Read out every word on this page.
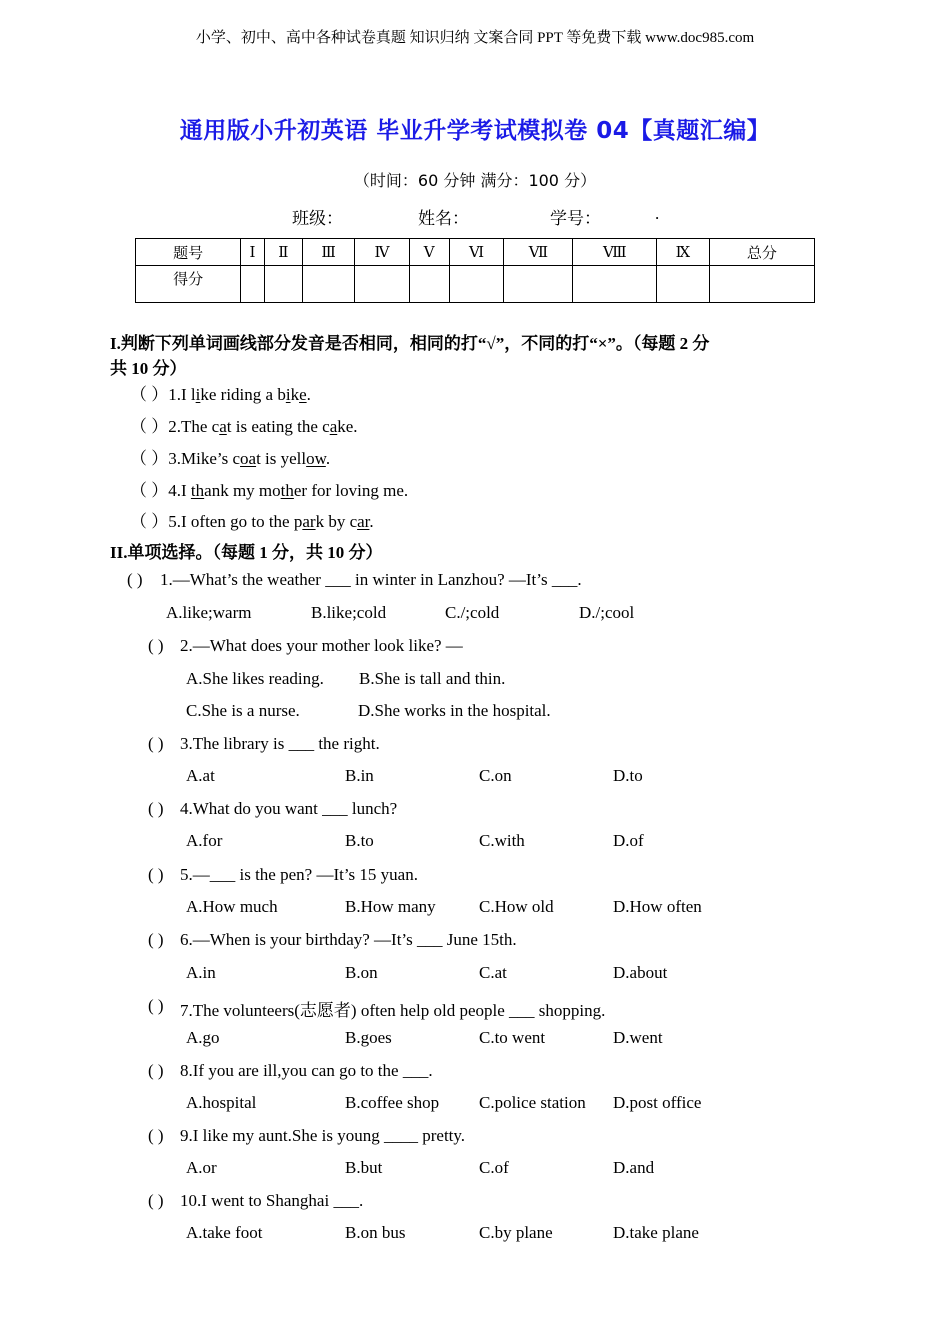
小学、初中、高中各种试卷真题 知识归纳 文案合同 PPT 等免费下载 www.doc985.com
通用版小升初英语 毕业升学考试模拟卷 04【真题汇编】
（时间：60 分钟 满分：100 分）
班级：	姓名：	学号：	.
题号	Ⅰ	Ⅱ	Ⅲ	Ⅳ	Ⅴ	Ⅵ	Ⅶ	Ⅷ	Ⅸ	总分
得分										
I.判断下列单词画线部分发音是否相同，相同的打“√”，不同的打“×”。（每题 2 分
共 10 分）
（ ）1.I like riding a bike.
（ ）2.The cat is eating the cake.
（ ）3.Mike’s coat is yellow.
（ ）4.I thank my mother for loving me.
（ ）5.I often go to the park by car.
II.单项选择。（每题 1 分，共 10 分）
( ) 1.—What’s the weather ___ in winter in Lanzhou? —It’s ___.
A.like;warm	B.like;cold	C./;cold	D./;cool
( ) 2.—What does your mother look like? —
A.She likes reading. B.She is tall and thin.
C.She is a nurse.	D.She works in the hospital.
( ) 3.The library is ___ the right.
A.at	B.in	C.on	D.to
( ) 4.What do you want ___ lunch?
A.for	B.to	C.with	D.of
( ) 5.—___ is the pen? —It’s 15 yuan.
A.How much	B.How many	C.How old	D.How often
( ) 6.—When is your birthday? —It’s ___ June 15th.
A.in	B.on	C.at	D.about
( ) 7.The volunteers(志愿者) often help old people ___ shopping.
A.go	B.goes	C.to went	D.went
( ) 8.If you are ill,you can go to the ___.
A.hospital	B.coffee shop C.police station D.post office
( ) 9.I like my aunt.She is young ____ pretty.
A.or	B.but	C.of	D.and
( ) 10.I went to Shanghai ___.
A.take foot	B.on bus	C.by plane	D.take plane
